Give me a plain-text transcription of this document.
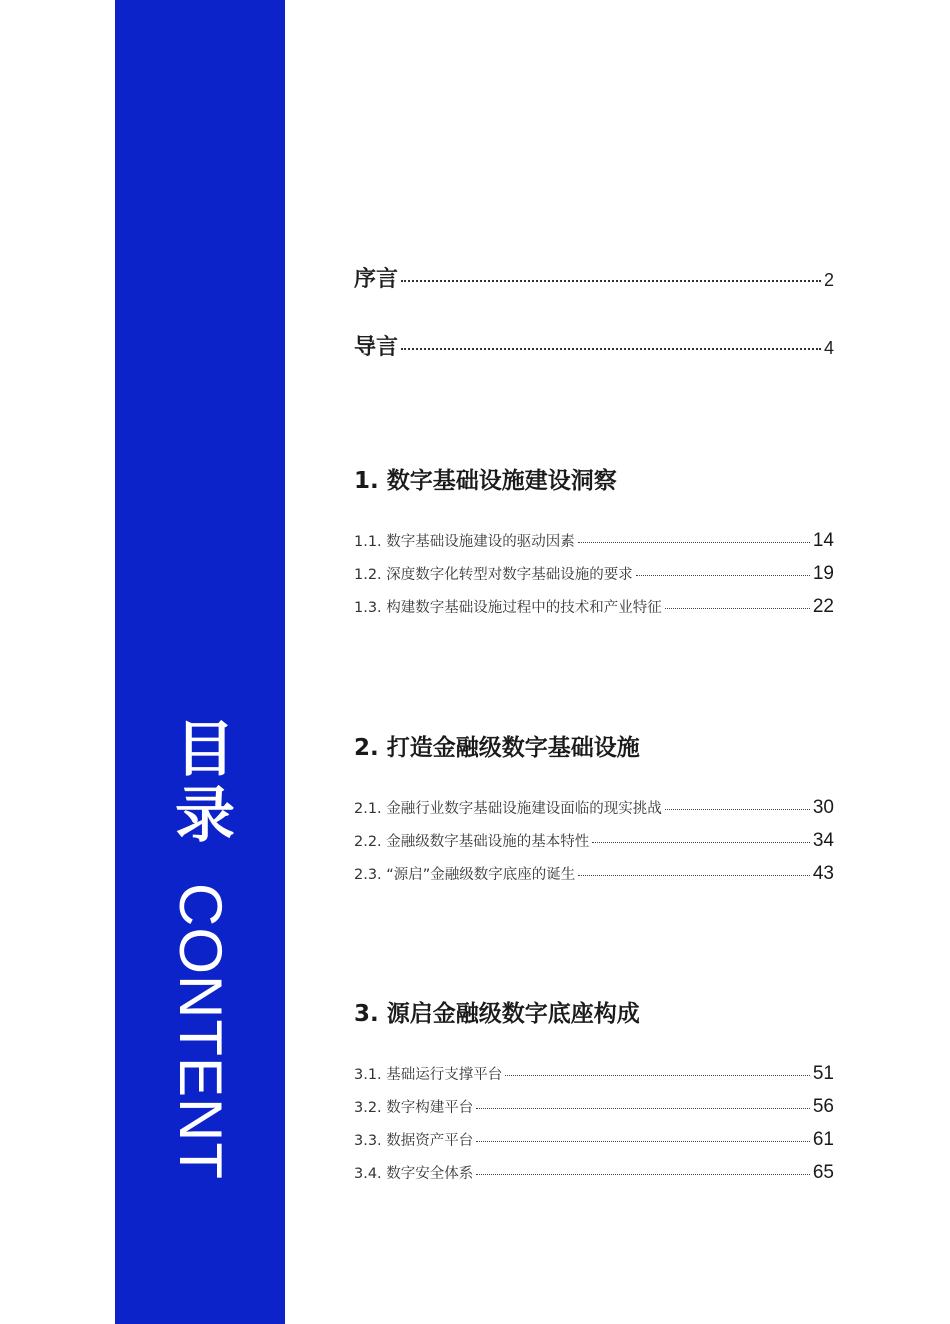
目录CONTENT
序言	2
导言	4
1. 数字基础设施建设洞察
1.1. 数字基础设施建设的驱动因素	14
1.2. 深度数字化转型对数字基础设施的要求	19
1.3. 构建数字基础设施过程中的技术和产业特征	22
2. 打造金融级数字基础设施
2.1. 金融行业数字基础设施建设面临的现实挑战	30
2.2. 金融级数字基础设施的基本特性	34
2.3. “源启”金融级数字底座的诞生	43
3. 源启金融级数字底座构成
3.1. 基础运行支撑平台	51
3.2. 数字构建平台	56
3.3. 数据资产平台	61
3.4. 数字安全体系	65
